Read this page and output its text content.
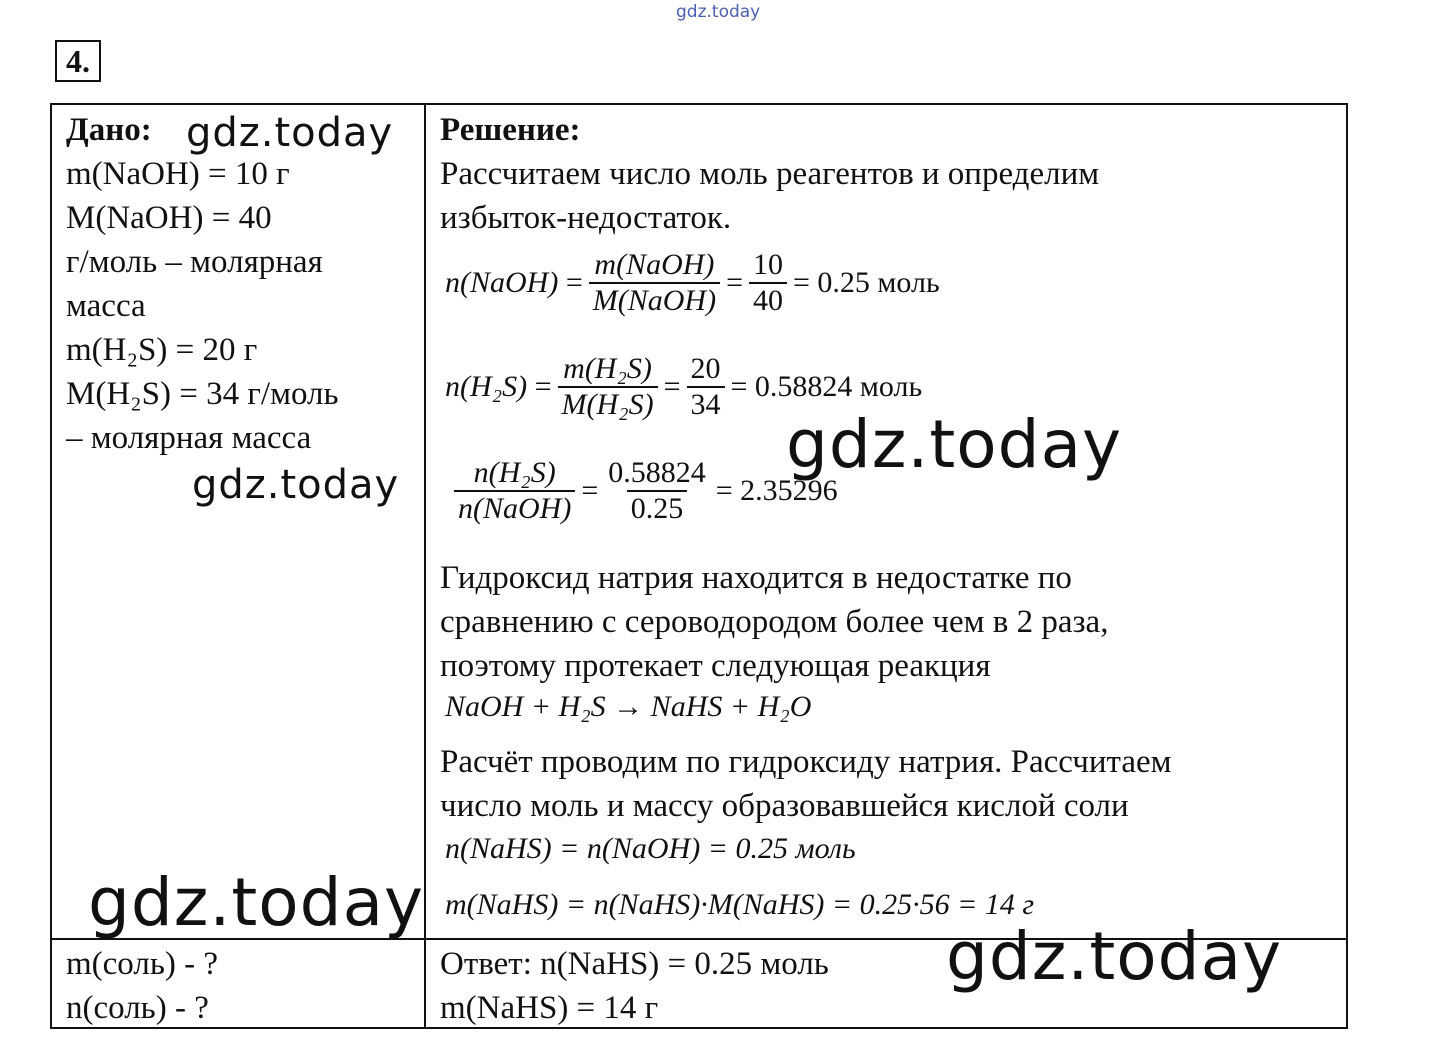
gdz.today
4.
Дано:
m(NaOH) = 10 г
M(NaOH) = 40
г/моль – молярная
масса
m(H₂S) = 20 г
M(H₂S) = 34 г/моль
– молярная масса
m(соль) - ?
n(соль) - ?
Решение:
Рассчитаем число моль реагентов и определим
избыток-недостаток.
n(NaOH) = $\frac{\text{m(NaOH)}}{\text{M(NaOH)}} = \frac{10}{40} = 0.25$ моль
$n(H_2S) = \frac{\text{m(H₂S)}}{\text{M(H₂S)}} = \frac{20}{34} = 0.58824$ моль
$\frac{\text{n(H₂S)}}{\text{n(NaOH)}} = \frac{0.58824}{0.25} = 2.35296$
Гидроксид натрия находится в недостатке по
сравнению с сероводородом более чем в 2 раза,
поэтому протекает следующая реакция
NaOH + H₂S → NaHS + H₂O
Расчёт проводим по гидроксиду натрия. Рассчитаем
число моль и массу образовавшейся кислой соли
n(NaHS) = n(NaOH) = 0.25 моль
m(NaHS) = n(NaHS)·M(NaHS) = 0.25·56 = 14 г
Ответ: n(NaHS) = 0.25 моль
m(NaHS) = 14 г
gdz.today
gdz.today
gdz.today
gdz.today
gdz.today
